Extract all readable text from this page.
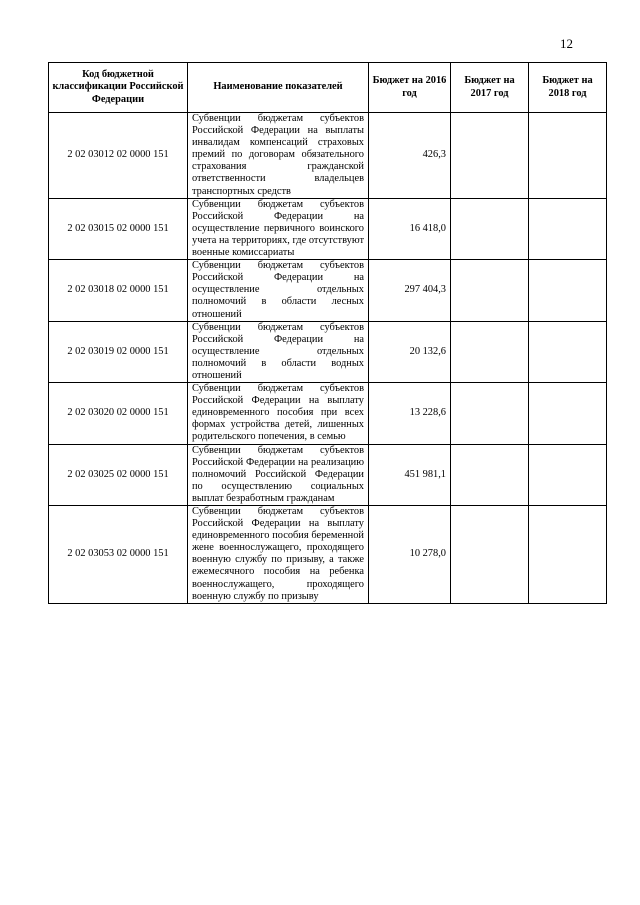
12
Код бюджетной классификации Российской Федерации	Наименование показателей	Бюджет на 2016 год	Бюджет на 2017 год	Бюджет на 2018 год
2 02 03012 02 0000 151	Субвенции бюджетам субъектов Российской Федерации на выплаты инвалидам компенсаций страховых премий по договорам обязательного страхования гражданской ответственности владельцев транспортных средств	426,3		
2 02 03015 02 0000 151	Субвенции бюджетам субъектов Российской Федерации на осуществление первичного воинского учета на территориях, где отсутствуют военные комиссариаты	16 418,0		
2 02 03018 02 0000 151	Субвенции бюджетам субъектов Российской Федерации на осуществление отдельных полномочий в области лесных отношений	297 404,3		
2 02 03019 02 0000 151	Субвенции бюджетам субъектов Российской Федерации на осуществление отдельных полномочий в области водных отношений	20 132,6		
2 02 03020 02 0000 151	Субвенции бюджетам субъектов Российской Федерации на выплату единовременного пособия при всех формах устройства детей, лишенных родительского попечения, в семью	13 228,6		
2 02 03025 02 0000 151	Субвенции бюджетам субъектов Российской Федерации на реализацию полномочий Российской Федерации по осуществлению социальных выплат безработным гражданам	451 981,1		
2 02 03053 02 0000 151	Субвенции бюджетам субъектов Российской Федерации на выплату единовременного пособия беременной жене военнослужащего, проходящего военную службу по призыву, а также ежемесячного пособия на ребенка военнослужащего, проходящего военную службу по призыву	10 278,0		
